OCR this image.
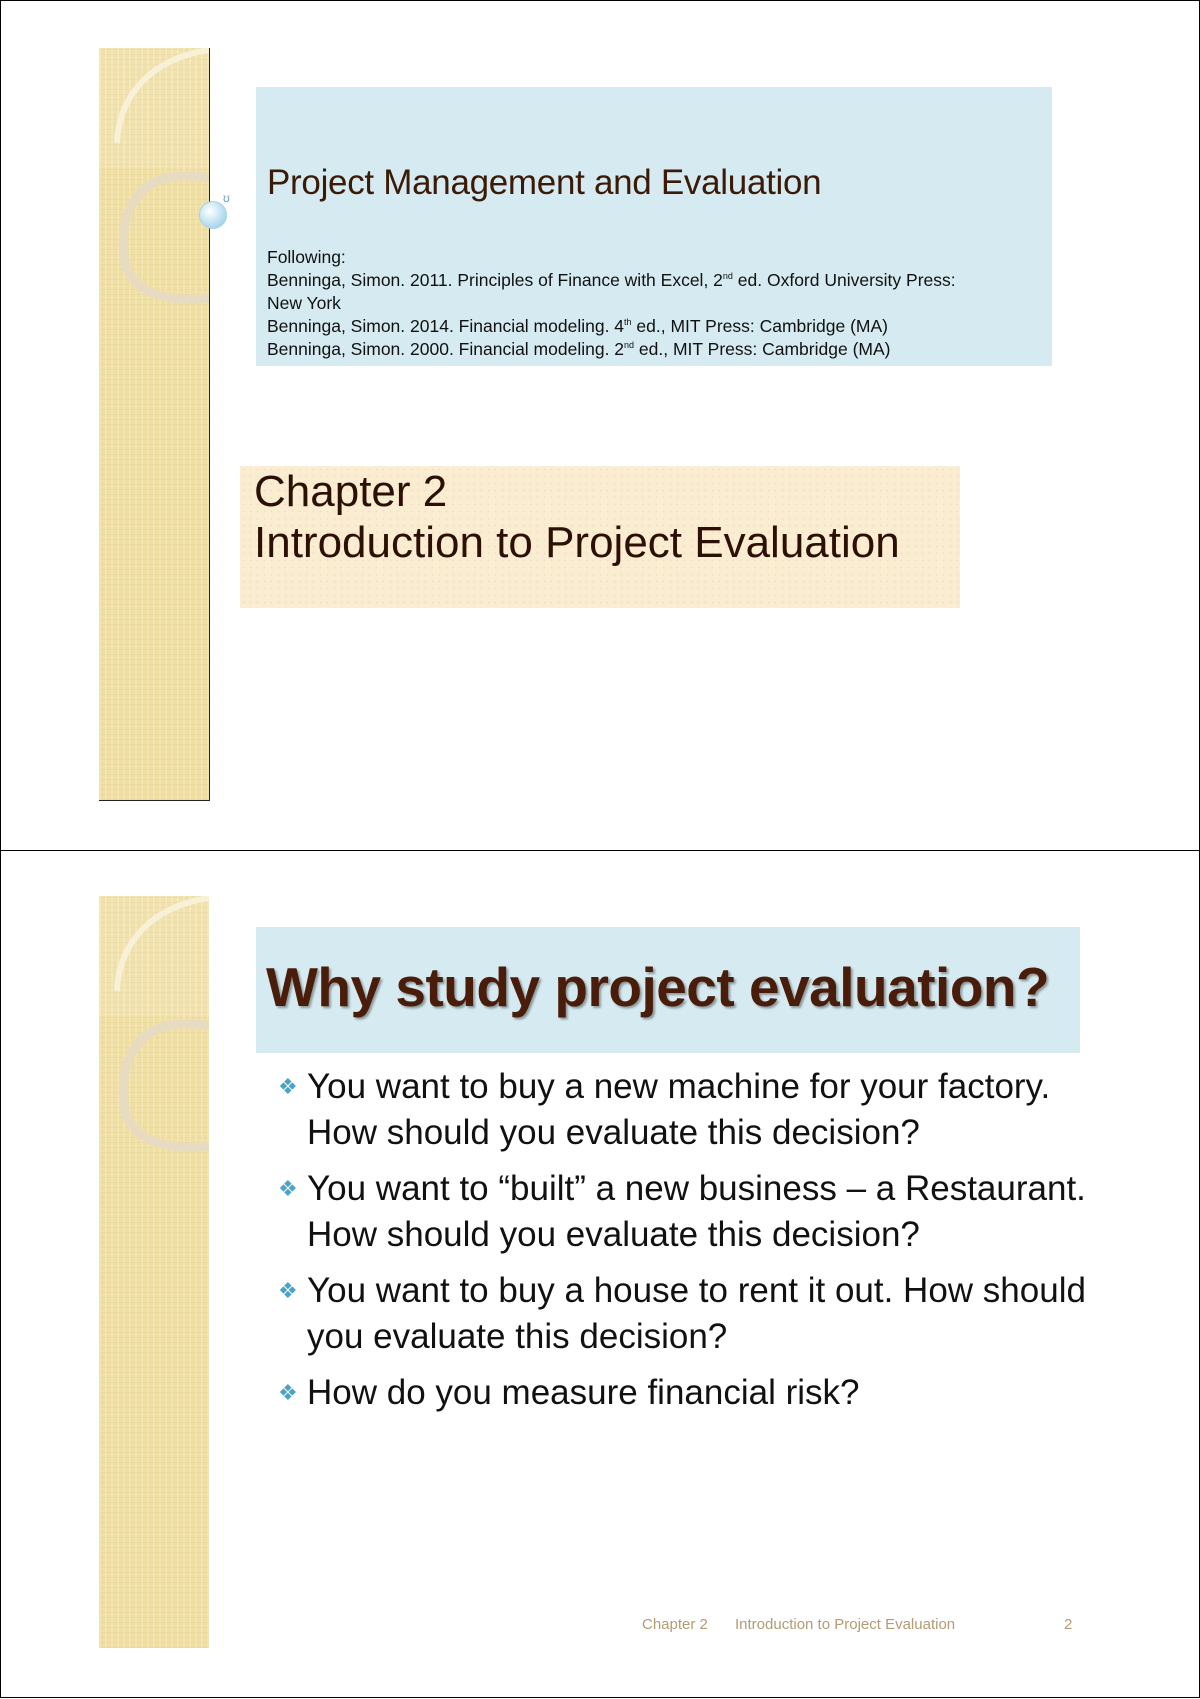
ʊ Project Management and Evaluation
Following:
Benninga, Simon. 2011. Principles of Finance with Excel, 2nd ed. Oxford University Press:
New York
Benninga, Simon. 2014. Financial modeling. 4th ed., MIT Press: Cambridge (MA)
Benninga, Simon. 2000. Financial modeling. 2nd ed., MIT Press: Cambridge (MA)
Chapter 2
Introduction to Project Evaluation
Why study project evaluation?
❖ You want to buy a new machine for your factory. How should you evaluate this decision?
❖ You want to “built” a new business – a Restaurant. How should you evaluate this decision?
❖ You want to buy a house to rent it out. How should you evaluate this decision?
❖ How do you measure financial risk?
Chapter 2 Introduction to Project Evaluation	2
